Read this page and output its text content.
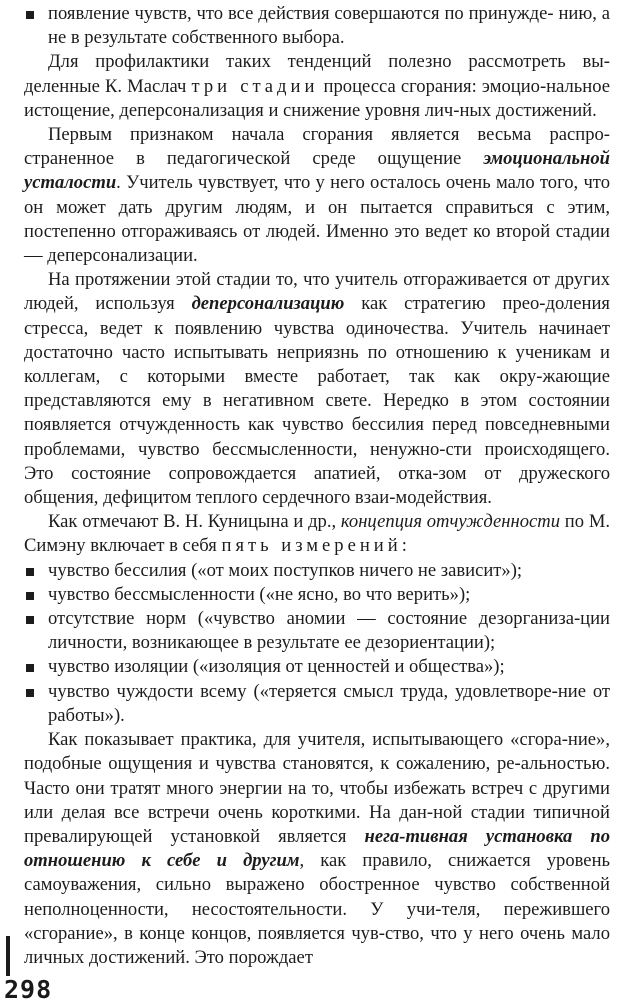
появление чувств, что все действия совершаются по принужде- нию, а не в результате собственного выбора.

Для профилактики таких тенденций полезно рассмотреть вы-деленные К. Маслач три стадии процесса сгорания: эмоцио-нальное истощение, деперсонализация и снижение уровня лич-ных достижений.

Первым признаком начала сгорания является весьма распро-страненное в педагогической среде ощущение эмоциональной усталости. Учитель чувствует, что у него осталось очень мало того, что он может дать другим людям, и он пытается справиться с этим, постепенно отгораживаясь от людей. Именно это ведет ко второй стадии — деперсонализации.

На протяжении этой стадии то, что учитель отгораживается от других людей, используя деперсонализацию как стратегию прео-доления стресса, ведет к появлению чувства одиночества. Учитель начинает достаточно часто испытывать неприязнь по отношению к ученикам и коллегам, с которыми вместе работает, так как окру-жающие представляются ему в негативном свете. Нередко в этом состоянии появляется отчужденность как чувство бессилия перед повседневными проблемами, чувство бессмысленности, ненужно-сти происходящего. Это состояние сопровождается апатией, отка-зом от дружеского общения, дефицитом теплого сердечного взаи-модействия.

Как отмечают В. Н. Куницына и др., концепция отчужденности по М. Симэну включает в себя пять измерений:

чувство бессилия («от моих поступков ничего не зависит»);
чувство бессмысленности («не ясно, во что верить»);
отсутствие норм («чувство аномии — состояние дезорганиза-ции личности, возникающее в результате ее дезориентации);
чувство изоляции («изоляция от ценностей и общества»);
чувство чуждости всему («теряется смысл труда, удовлетворе-ние от работы»).

Как показывает практика, для учителя, испытывающего «сгора-ние», подобные ощущения и чувства становятся, к сожалению, ре-альностью. Часто они тратят много энергии на то, чтобы избежать встреч с другими или делая все встречи очень короткими. На дан-ной стадии типичной превалирующей установкой является нега-тивная установка по отношению к себе и другим, как правило, снижается уровень самоуважения, сильно выражено обостренное чувство собственной неполноценности, несостоятельности. У учи-теля, пережившего «сгорание», в конце концов, появляется чув-ство, что у него очень мало личных достижений. Это порождает

298
